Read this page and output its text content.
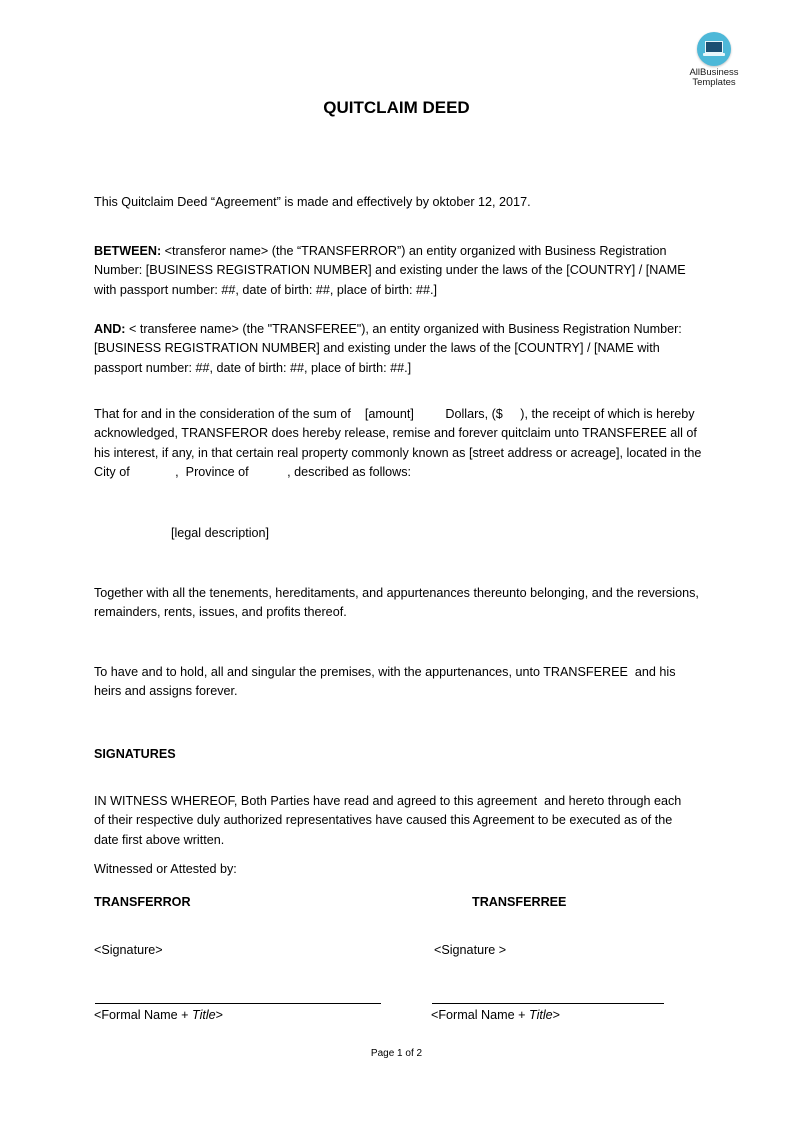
AllBusiness
Templates
QUITCLAIM DEED

This Quitclaim Deed “Agreement” is made and effectively by oktober 12, 2017.

BETWEEN: <transferor name> (the “TRANSFERROR”) an entity organized with Business Registration Number: [BUSINESS REGISTRATION NUMBER] and existing under the laws of the [COUNTRY] / [NAME with passport number: ##, date of birth: ##, place of birth: ##.]

AND: < transferee name> (the "TRANSFEREE"), an entity organized with Business Registration Number: [BUSINESS REGISTRATION NUMBER] and existing under the laws of the [COUNTRY] / [NAME with passport number: ##, date of birth: ##, place of birth: ##.]

That for and in the consideration of the sum of    [amount]         Dollars, ($     ), the receipt of which is hereby acknowledged, TRANSFEROR does hereby release, remise and forever quitclaim unto TRANSFEREE all of his interest, if any, in that certain real property commonly known as [street address or acreage], located in the City of             ,  Province of           , described as follows:

[legal description]

Together with all the tenements, hereditaments, and appurtenances thereunto belonging, and the reversions, remainders, rents, issues, and profits thereof.

To have and to hold, all and singular the premises, with the appurtenances, unto TRANSFEREE  and his heirs and assigns forever.

SIGNATURES

IN WITNESS WHEREOF, Both Parties have read and agreed to this agreement  and hereto through each of their respective duly authorized representatives have caused this Agreement to be executed as of the date first above written.

Witnessed or Attested by:
TRANSFERROR	TRANSFERREE
<Signature>	<Signature >
<Formal Name + Title>	<Formal Name + Title>
Page 1 of 2
